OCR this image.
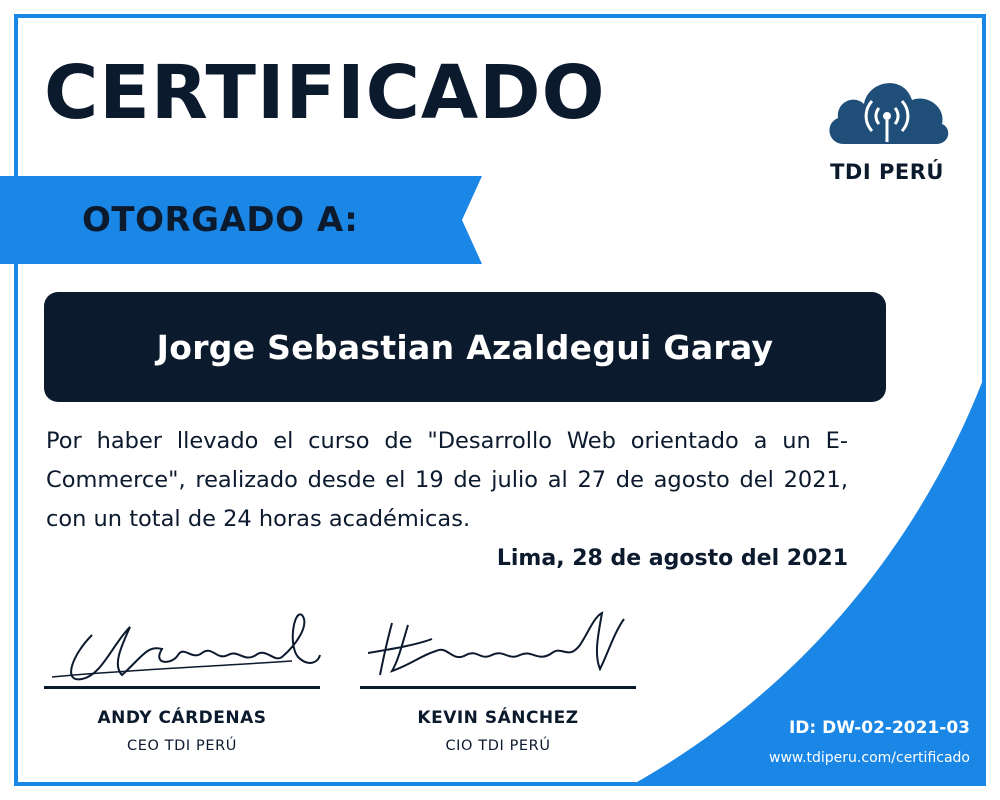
CERTIFICADO
OTORGADO A:
TDI PERÚ
Jorge Sebastian Azaldegui Garay
Por haber llevado el curso de "Desarrollo Web orientado a un E-Commerce", realizado desde el 19 de julio al 27 de agosto del 2021, con un total de 24 horas académicas.
Lima, 28 de agosto del 2021
ANDY CÁRDENAS
CEO TDI PERÚ
KEVIN SÁNCHEZ
CIO TDI PERÚ
ID: DW-02-2021-03
www.tdiperu.com/certificado
